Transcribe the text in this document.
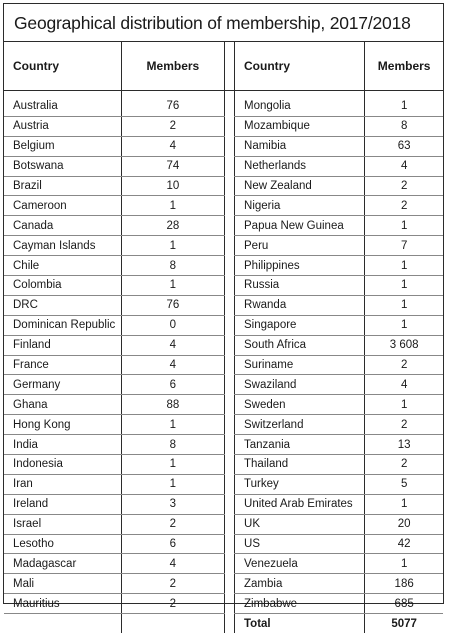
Geographical distribution of membership, 2017/2018
Country	Members		Country	Members

Australia	76		Mongolia	1
Austria	2		Mozambique	8
Belgium	4		Namibia	63
Botswana	74		Netherlands	4
Brazil	10		New Zealand	2
Cameroon	1		Nigeria	2
Canada	28		Papua New Guinea	1
Cayman Islands	1		Peru	7
Chile	8		Philippines	1
Colombia	1		Russia	1
DRC	76		Rwanda	1
Dominican Republic	0		Singapore	1
Finland	4		South Africa	3 608
France	4		Suriname	2
Germany	6		Swaziland	4
Ghana	88		Sweden	1
Hong Kong	1		Switzerland	2
India	8		Tanzania	13
Indonesia	1		Thailand	2
Iran	1		Turkey	5
Ireland	3		United Arab Emirates	1
Israel	2		UK	20
Lesotho	6		US	42
Madagascar	4		Venezuela	1
Mali	2		Zambia	186
Mauritius	2		Zimbabwe	685
			Total	5077
